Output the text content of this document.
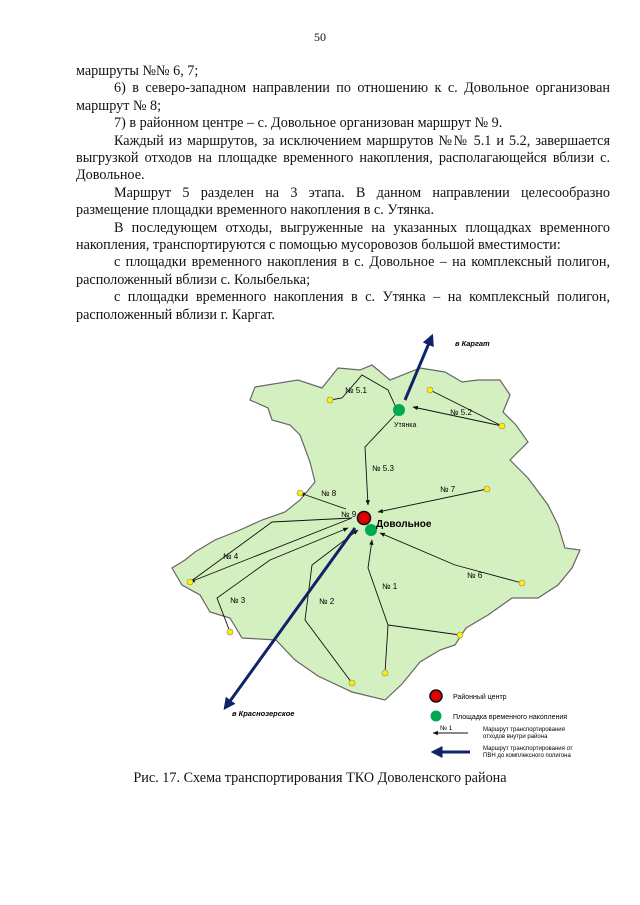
50

маршруты №№ 6, 7;

6) в северо-западном направлении по отношению к с. Довольное организован маршрут № 8;

7) в районном центре – с. Довольное организован маршрут № 9.

Каждый из маршрутов, за исключением маршрутов №№ 5.1 и 5.2, завершается выгрузкой отходов на площадке временного накопления, располагающейся вблизи с. Довольное.

Маршрут 5 разделен на 3 этапа. В данном направлении целесообразно размещение площадки временного накопления в с. Утянка.

В последующем отходы, выгруженные на указанных площадках временного накопления, транспортируются с помощью мусоровозов большой вместимости:

с площадки временного накопления в с. Довольное – на комплексный полигон, расположенный вблизи с. Колыбелька;

с площадки временного накопления в с. Утянка – на комплексный полигон, расположенный вблизи г. Каргат.

№ 5.1
№ 5.2
№ 5.3
№ 8	№ 7
№ 9
№ 4
№ 3	№ 2
№ 1
№ 6
Утянка
Довольное
в Каргат
в Краснозерское
Районный центр
Площадка временного накопления
№ 1	Маршрут транспортирования
отходов внутри района
Маршрут транспортирования от
ПВН до комплексного полигона
Рис. 17. Схема транспортирования ТКО Доволенского района
